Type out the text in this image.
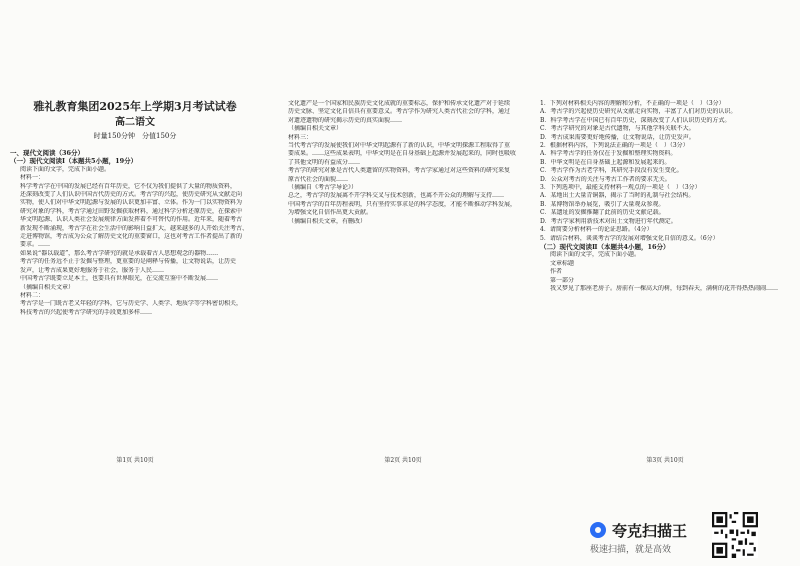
雅礼教育集团2025年上学期3月考试试卷

高二语文

时量150分钟　分值150分

一、现代文阅读（36分）

（一）现代文阅读Ⅰ（本题共5小题，19分）

阅读下面的文字，完成下面小题。

材料一：

科学考古学在中国的发展已经有百年历史，它不仅为我们提供了大量的物质资料，

还深刻改变了人们认识中国古代历史的方式。考古学的兴起，使历史研究从文献走向

实物，使人们对中华文明起源与发展的认识更加丰富、立体。作为一门以实物资料为

研究对象的学科，考古学通过田野发掘获取材料，通过科学分析还原历史，在探索中

华文明起源、认识人类社会发展规律方面发挥着不可替代的作用。近年来，随着考古

新发现不断涌现，考古学在社会生活中的影响日益扩大，越来越多的人开始关注考古、

走进博物馆，考古成为公众了解历史文化的重要窗口，这也对考古工作者提出了新的

要求。……

如果说“器以载道”，那么考古学研究的就是承载着古人思想观念的器物……

考古学的任务远不止于发掘与整理，更重要的是阐释与传播，让文物说话，让历史

发声，让考古成果更好地服务于社会，服务于人民……

中国考古学既要立足本土，也要具有世界眼光，在交流互鉴中不断发展……

（摘编自相关文章）

材料二：

考古学是一门既古老又年轻的学科，它与历史学、人类学、地质学等学科密切相关，

科技考古的兴起使考古学研究的手段更加多样……

文化遗产是一个国家和民族历史文化成就的重要标志，保护和传承文化遗产对于延续

历史文脉、坚定文化自信具有重要意义。考古学作为研究人类古代社会的学科，通过

对遗迹遗物的研究揭示历史的真实面貌……

（摘编自相关文章）

材料三：

当代考古学的发展使我们对中华文明起源有了新的认识，中华文明探源工程取得了重

要成果。……这些成果表明，中华文明是在自身基础上起源并发展起来的，同时也吸收

了其他文明的有益成分……

考古学的研究对象是古代人类遗留的实物资料，考古学家通过对这些资料的研究来复

原古代社会的面貌……

（摘编自《考古学导论》）

总之，考古学的发展离不开学科交叉与技术创新，也离不开公众的理解与支持……

中国考古学的百年历程表明，只有坚持实事求是的科学态度，才能不断推动学科发展，

为增强文化自信作出更大贡献。

（摘编自相关文章，有删改）

1．下列对材料相关内容的理解和分析，不正确的一项是（　）（3分）

A．考古学的兴起使历史研究从文献走向实物，丰富了人们对历史的认识。

B．科学考古学在中国已有百年历史，深刻改变了人们认识历史的方式。

C．考古学研究的对象是古代遗物，与其他学科关联不大。

D．考古成果需要更好地传播，让文物说话，让历史发声。

2．根据材料内容，下列说法正确的一项是（　）（3分）

A．科学考古学的任务仅在于发掘和整理实物资料。

B．中华文明是在自身基础上起源和发展起来的。

C．考古学作为古老学科，其研究手段没有发生变化。

D．公众对考古的关注与考古工作者的要求无关。

3．下列选项中，最能支持材料一观点的一项是（　）（3分）

A．某地出土大量青铜器，揭示了当时的礼制与社会结构。

B．某博物馆举办展览，吸引了大量观众参观。

C．某遗址的发掘推翻了此前的历史文献记载。

D．考古学家利用新技术对出土文物进行年代测定。

4．请简要分析材料一的论证思路。（4分）

5．请结合材料，谈谈考古学的发展对增强文化自信的意义。（6分）

（二）现代文阅读Ⅱ（本题共4小题，16分）

阅读下面的文字，完成下面小题。

文章标题

作者

第一部分

我又梦见了那座老房子。房前有一棵高大的树，每到春天，满树的花开得热热闹闹……

第1页 共10页	第2页 共10页	第3页 共10页
夸克扫描王
极速扫描，就是高效
